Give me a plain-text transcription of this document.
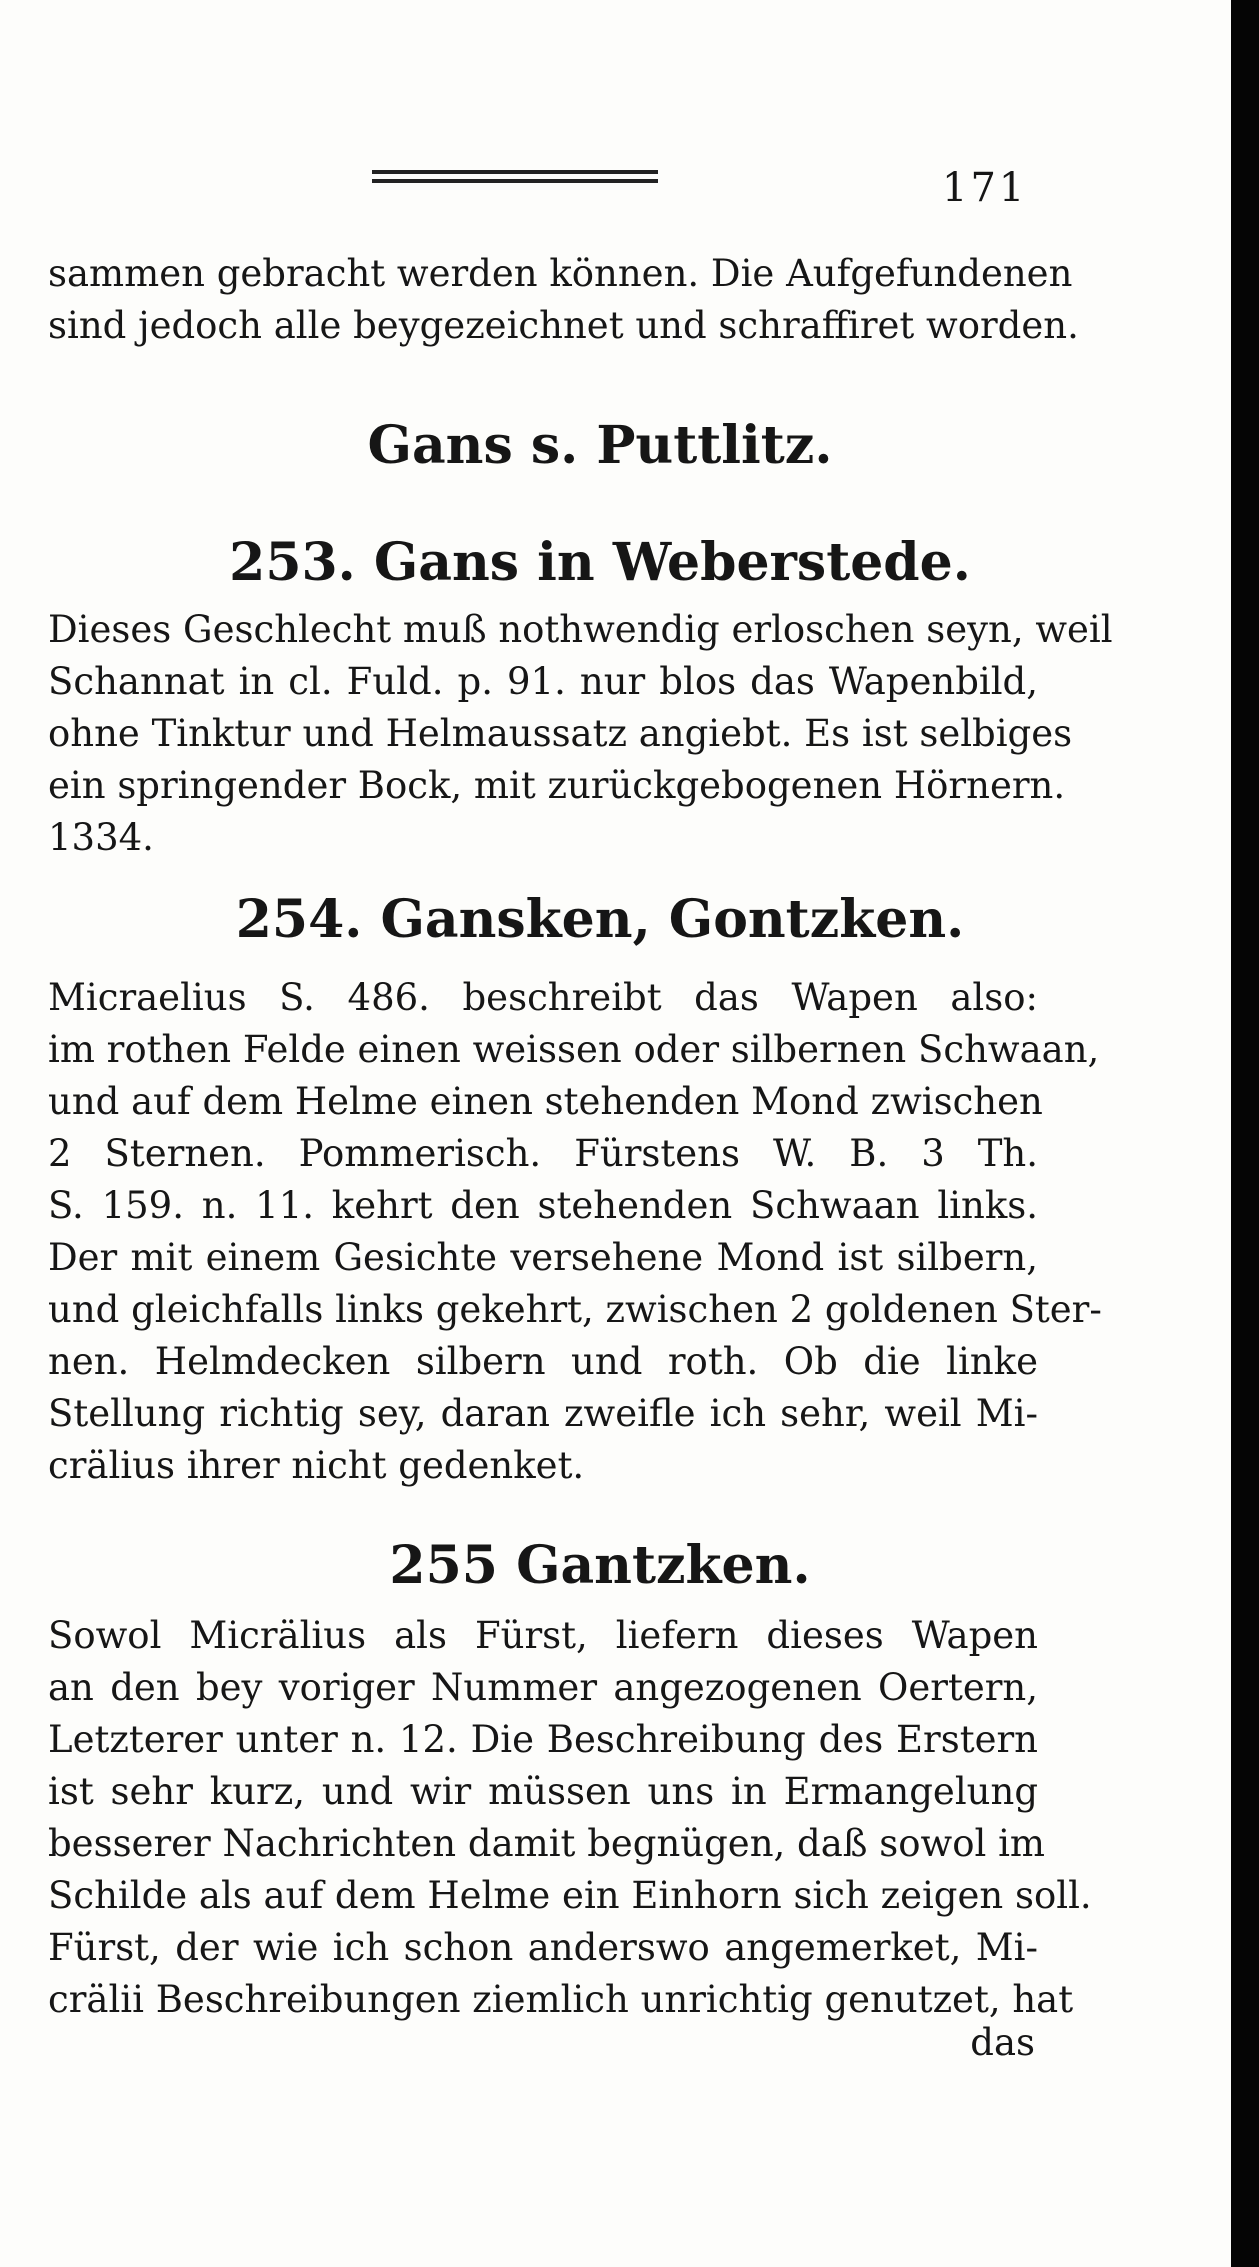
171
sammen gebracht werden können. Die Aufgefundenen
sind jedoch alle beygezeichnet und schraffiret worden.
Gans s. Puttlitz.
253. Gans in Weberstede.
Dieses Geschlecht muß nothwendig erloschen seyn, weil
Schannat in cl. Fuld. p. 91. nur blos das Wapenbild,
ohne Tinktur und Helmaussatz angiebt. Es ist selbiges
ein springender Bock, mit zurückgebogenen Hörnern.
1334.
254. Gansken, Gontzken.
Micraelius S. 486. beschreibt das Wapen also:
im rothen Felde einen weissen oder silbernen Schwaan,
und auf dem Helme einen stehenden Mond zwischen
2 Sternen. Pommerisch. Fürstens W. B. 3 Th.
S. 159. n. 11. kehrt den stehenden Schwaan links.
Der mit einem Gesichte versehene Mond ist silbern,
und gleichfalls links gekehrt, zwischen 2 goldenen Ster-
nen. Helmdecken silbern und roth. Ob die linke
Stellung richtig sey, daran zweifle ich sehr, weil Mi-
crälius ihrer nicht gedenket.
255 Gantzken.
Sowol Micrälius als Fürst, liefern dieses Wapen
an den bey voriger Nummer angezogenen Oertern,
Letzterer unter n. 12. Die Beschreibung des Erstern
ist sehr kurz, und wir müssen uns in Ermangelung
besserer Nachrichten damit begnügen, daß sowol im
Schilde als auf dem Helme ein Einhorn sich zeigen soll.
Fürst, der wie ich schon anderswo angemerket, Mi-
cräliі Beschreibungen ziemlich unrichtig genutzet, hat
das
